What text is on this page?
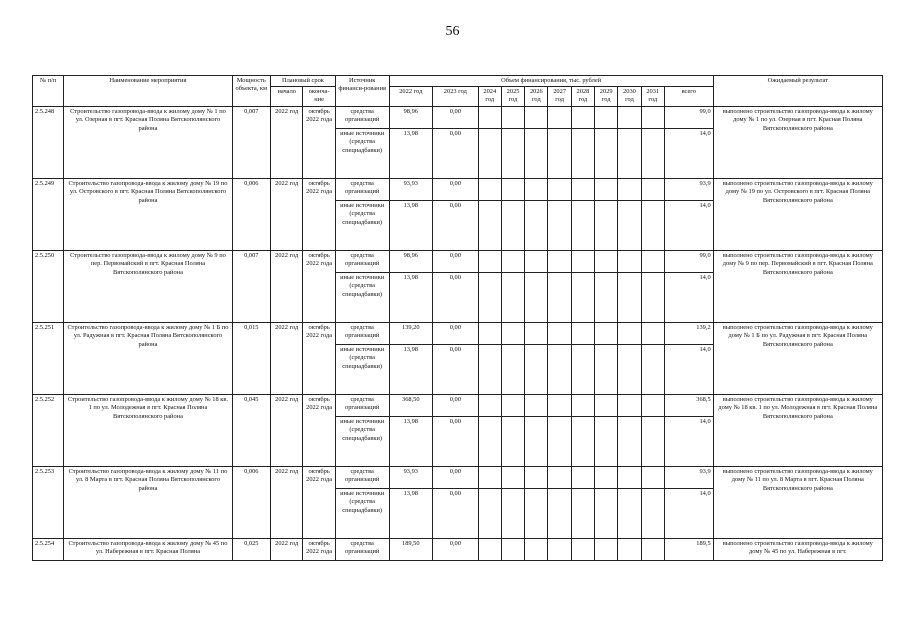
56
№ п/п	Наименование мероприятия	Мощность объекта, км	Плановый срок		Источник финанси-рования	Объем финансирования, тыс. рублей											Ожидаемый результат
			начало	оконча-ние		2022 год	2023 год	2024 год	2025 год	2026 год	2027 год	2028 год	2029 год	2030 год	2031 год	всего	
2.5.248	Строительство газопровода-ввода к жилому дому № 1 по ул. Озерная в пгт. Красная Поляна Вятскополянского района	0,007	2022 год	октябрь 2022 года	средства организаций	98,96	0,00									99,0	выполнено строительство газопровода-ввода к жилому дому № 1 по ул. Озерная в пгт. Красная Поляна Вятскополянского района
					иные источники (средства спецнадбавки)	13,98	0,00									14,0	
2.5.249	Строительство газопровода-ввода к жилому дому № 19 по ул. Островского в пгт. Красная Поляна Вятскополянского района	0,006	2022 год	октябрь 2022 года	средства организаций	93,93	0,00									93,9	выполнено строительство газопровода-ввода к жилому дому № 19 по ул. Островского в пгт. Красная Поляна Вятскополянского района
					иные источники (средства спецнадбавки)	13,98	0,00									14,0	
2.5.250	Строительство газопровода-ввода к жилому дому № 9 по пер. Первомайский в пгт. Красная Поляна Вятскополянского района	0,007	2022 год	октябрь 2022 года	средства организаций	98,96	0,00									99,0	выполнено строительство газопровода-ввода к жилому дому № 9 по пер. Первомайский в пгт. Красная Поляна Вятскополянского района
					иные источники (средства спецнадбавки)	13,98	0,00									14,0	
2.5.251	Строительство газопровода-ввода к жилому дому № 1 Б по ул. Радужная в пгт. Красная Поляна Вятскополянского района	0,015	2022 год	октябрь 2022 года	средства организаций	139,20	0,00									139,2	выполнено строительство газопровода-ввода к жилому дому № 1 Б по ул. Радужная в пгт. Красная Поляна Вятскополянского района
					иные источники (средства спецнадбавки)	13,98	0,00									14,0	
2.5.252	Строительство газопровода-ввода к жилому дому № 18 кв. 1 по ул. Молодежная в пгт. Красная Поляна Вятскополянского района	0,045	2022 год	октябрь 2022 года	средства организаций	368,50	0,00									368,5	выполнено строительство газопровода-ввода к жилому дому № 18 кв. 1 по ул. Молодежная в пгт. Красная Поляна Вятскополянского района
					иные источники (средства спецнадбавки)	13,98	0,00									14,0	
2.5.253	Строительство газопровода-ввода к жилому дому № 11 по ул. 8 Марта в пгт. Красная Поляна Вятскополянского района	0,006	2022 год	октябрь 2022 года	средства организаций	93,93	0,00									93,9	выполнено строительство газопровода-ввода к жилому дому № 11 по ул. 8 Марта в пгт. Красная Поляна Вятскополянского района
					иные источники (средства спецнадбавки)	13,98	0,00									14,0	
2.5.254	Строительство газопровода-ввода к жилому дому № 45 по ул. Набережная в пгт. Красная Поляна	0,025	2022 год	октябрь 2022 года	средства организаций	189,50	0,00									189,5	выполнено строительство газопровода-ввода к жилому дому № 45 по ул. Набережная в пгт.
